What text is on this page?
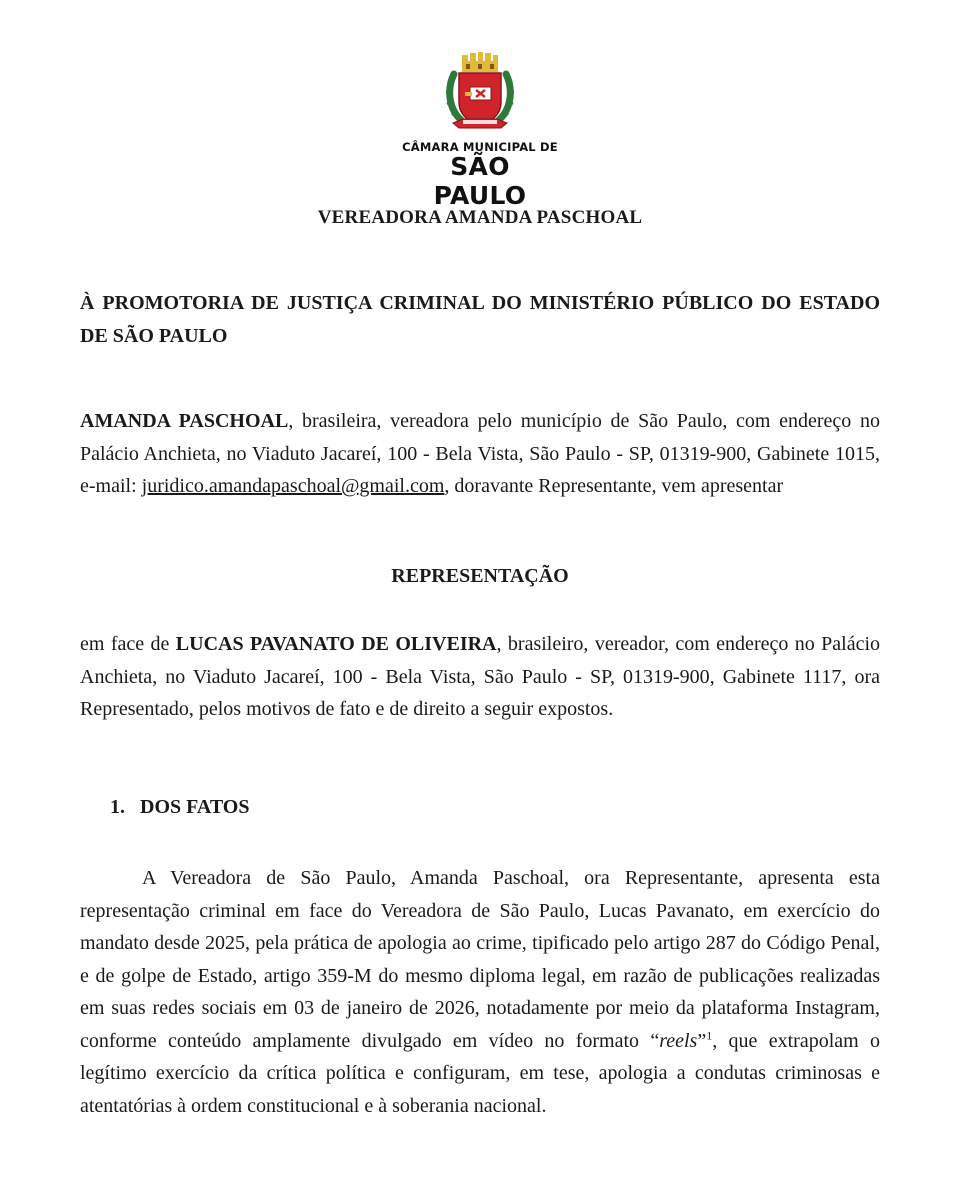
CÂMARA MUNICIPAL DE
SÃO PAULO
VEREADORA AMANDA PASCHOAL
À PROMOTORIA DE JUSTIÇA CRIMINAL DO MINISTÉRIO PÚBLICO DO ESTADO DE SÃO PAULO
AMANDA PASCHOAL, brasileira, vereadora pelo município de São Paulo, com endereço no Palácio Anchieta, no Viaduto Jacareí, 100 - Bela Vista, São Paulo - SP, 01319-900, Gabinete 1015, e-mail: juridico.amandapaschoal@gmail.com, doravante Representante, vem apresentar
REPRESENTAÇÃO
em face de LUCAS PAVANATO DE OLIVEIRA, brasileiro, vereador, com endereço no Palácio Anchieta, no Viaduto Jacareí, 100 - Bela Vista, São Paulo - SP, 01319-900, Gabinete 1117, ora Representado, pelos motivos de fato e de direito a seguir expostos.
1. DOS FATOS
A Vereadora de São Paulo, Amanda Paschoal, ora Representante, apresenta esta representação criminal em face do Vereadora de São Paulo, Lucas Pavanato, em exercício do mandato desde 2025, pela prática de apologia ao crime, tipificado pelo artigo 287 do Código Penal, e de golpe de Estado, artigo 359-M do mesmo diploma legal, em razão de publicações realizadas em suas redes sociais em 03 de janeiro de 2026, notadamente por meio da plataforma Instagram, conforme conteúdo amplamente divulgado em vídeo no formato “reels”$^1$, que extrapolam o legítimo exercício da crítica política e configuram, em tese, apologia a condutas criminosas e atentatórias à ordem constitucional e à soberania nacional.
